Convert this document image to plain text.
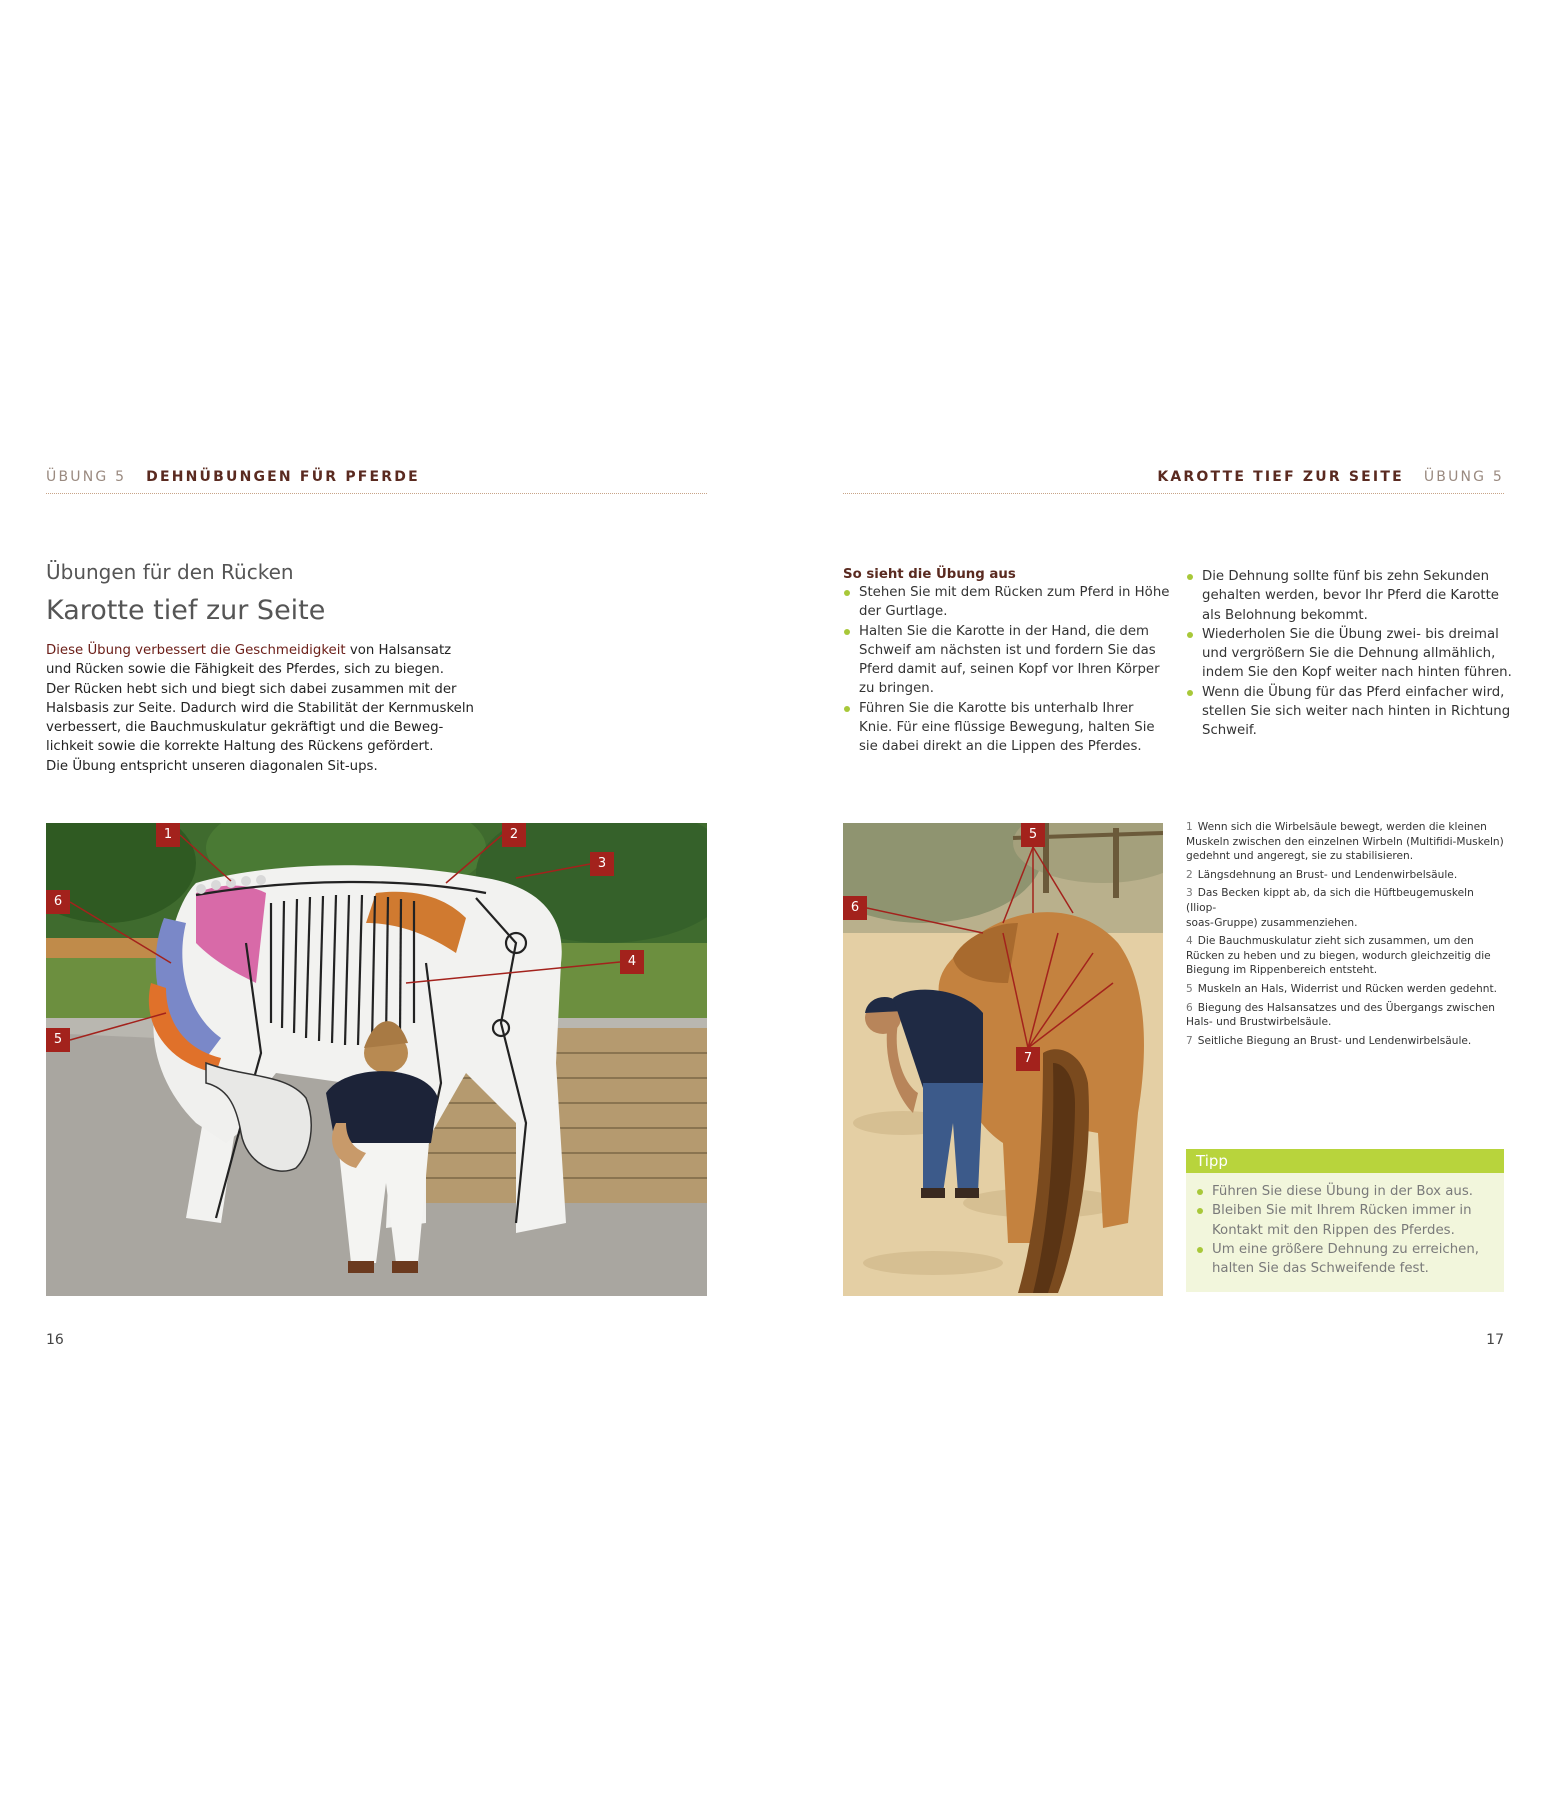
ÜBUNG 5 DEHNÜBUNGEN FÜR PFERDE
Übungen für den Rücken
Karotte tief zur Seite
Diese Übung verbessert die Geschmeidigkeit von Halsansatz
und Rücken sowie die Fähigkeit des Pferdes, sich zu biegen.
Der Rücken hebt sich und biegt sich dabei zusammen mit der
Halsbasis zur Seite. Dadurch wird die Stabilität der Kernmuskeln
verbessert, die Bauchmuskulatur gekräftigt und die Beweg-
lichkeit sowie die korrekte Haltung des Rückens gefördert.
Die Übung entspricht unseren diagonalen Sit-ups.
1	2
3
4
5
6
16
KAROTTE TIEF ZUR SEITE ÜBUNG 5
So sieht die Übung aus
Stehen Sie mit dem Rücken zum Pferd in Höhe
der Gurtlage.
Halten Sie die Karotte in der Hand, die dem
Schweif am nächsten ist und fordern Sie das
Pferd damit auf, seinen Kopf vor Ihren Körper
zu bringen.
Führen Sie die Karotte bis unterhalb Ihrer
Knie. Für eine flüssige Bewegung, halten Sie
sie dabei direkt an die Lippen des Pferdes.
Die Dehnung sollte fünf bis zehn Sekunden
gehalten werden, bevor Ihr Pferd die Karotte
als Belohnung bekommt.
Wiederholen Sie die Übung zwei- bis dreimal
und vergrößern Sie die Dehnung allmählich,
indem Sie den Kopf weiter nach hinten führen.
Wenn die Übung für das Pferd einfacher wird,
stellen Sie sich weiter nach hinten in Richtung
Schweif.
5
6
7
1 Wenn sich die Wirbelsäule bewegt, werden die kleinen
Muskeln zwischen den einzelnen Wirbeln (Multifidi-Muskeln)
gedehnt und angeregt, sie zu stabilisieren.
2 Längsdehnung an Brust- und Lendenwirbelsäule.
3 Das Becken kippt ab, da sich die Hüftbeugemuskeln (Iliop-
soas-Gruppe) zusammenziehen.
4 Die Bauchmuskulatur zieht sich zusammen, um den
Rücken zu heben und zu biegen, wodurch gleichzeitig die
Biegung im Rippenbereich entsteht.
5 Muskeln an Hals, Widerrist und Rücken werden gedehnt.
6 Biegung des Halsansatzes und des Übergangs zwischen
Hals- und Brustwirbelsäule.
7 Seitliche Biegung an Brust- und Lendenwirbelsäule.
Tipp
Führen Sie diese Übung in der Box aus.
Bleiben Sie mit Ihrem Rücken immer in
Kontakt mit den Rippen des Pferdes.
Um eine größere Dehnung zu erreichen,
halten Sie das Schweifende fest.
17
